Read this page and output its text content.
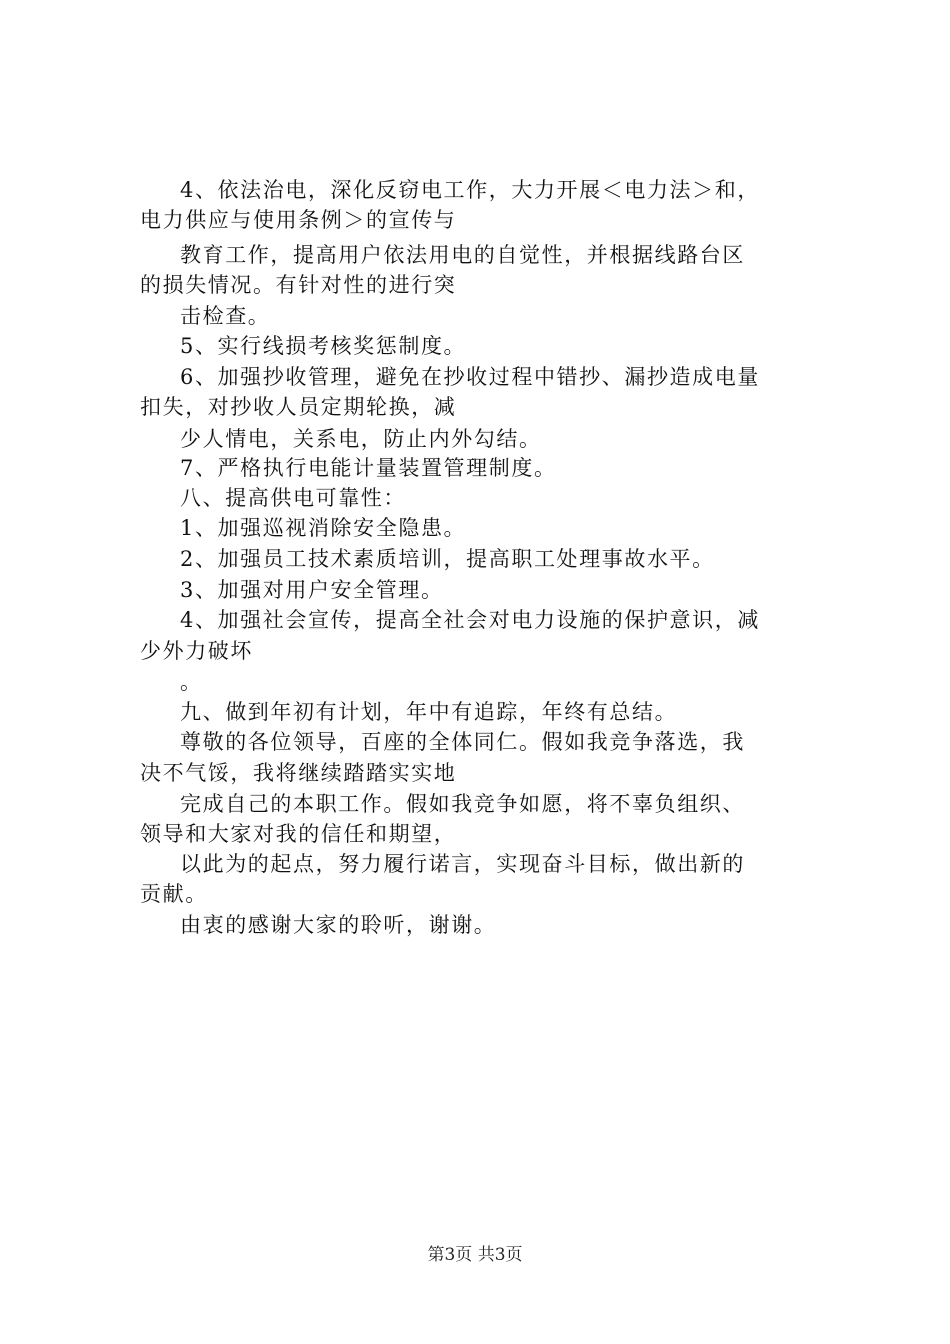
4、依法治电，深化反窃电工作，大力开展＜电力法＞和，
电力供应与使用条例＞的宣传与
教育工作，提高用户依法用电的自觉性，并根据线路台区
的损失情况。有针对性的进行突
击检查。
5、实行线损考核奖惩制度。
6、加强抄收管理，避免在抄收过程中错抄、漏抄造成电量
扣失，对抄收人员定期轮换，减
少人情电，关系电，防止内外勾结。
7、严格执行电能计量装置管理制度。
八、提高供电可靠性：
1、加强巡视消除安全隐患。
2、加强员工技术素质培训，提高职工处理事故水平。
3、加强对用户安全管理。
4、加强社会宣传，提高全社会对电力设施的保护意识，减
少外力破坏
。
九、做到年初有计划，年中有追踪，年终有总结。
尊敬的各位领导，百座的全体同仁。假如我竞争落选，我
决不气馁，我将继续踏踏实实地
完成自己的本职工作。假如我竞争如愿，将不辜负组织、
领导和大家对我的信任和期望，
以此为的起点，努力履行诺言，实现奋斗目标，做出新的
贡献。
由衷的感谢大家的聆听，谢谢。
第3页 共3页
